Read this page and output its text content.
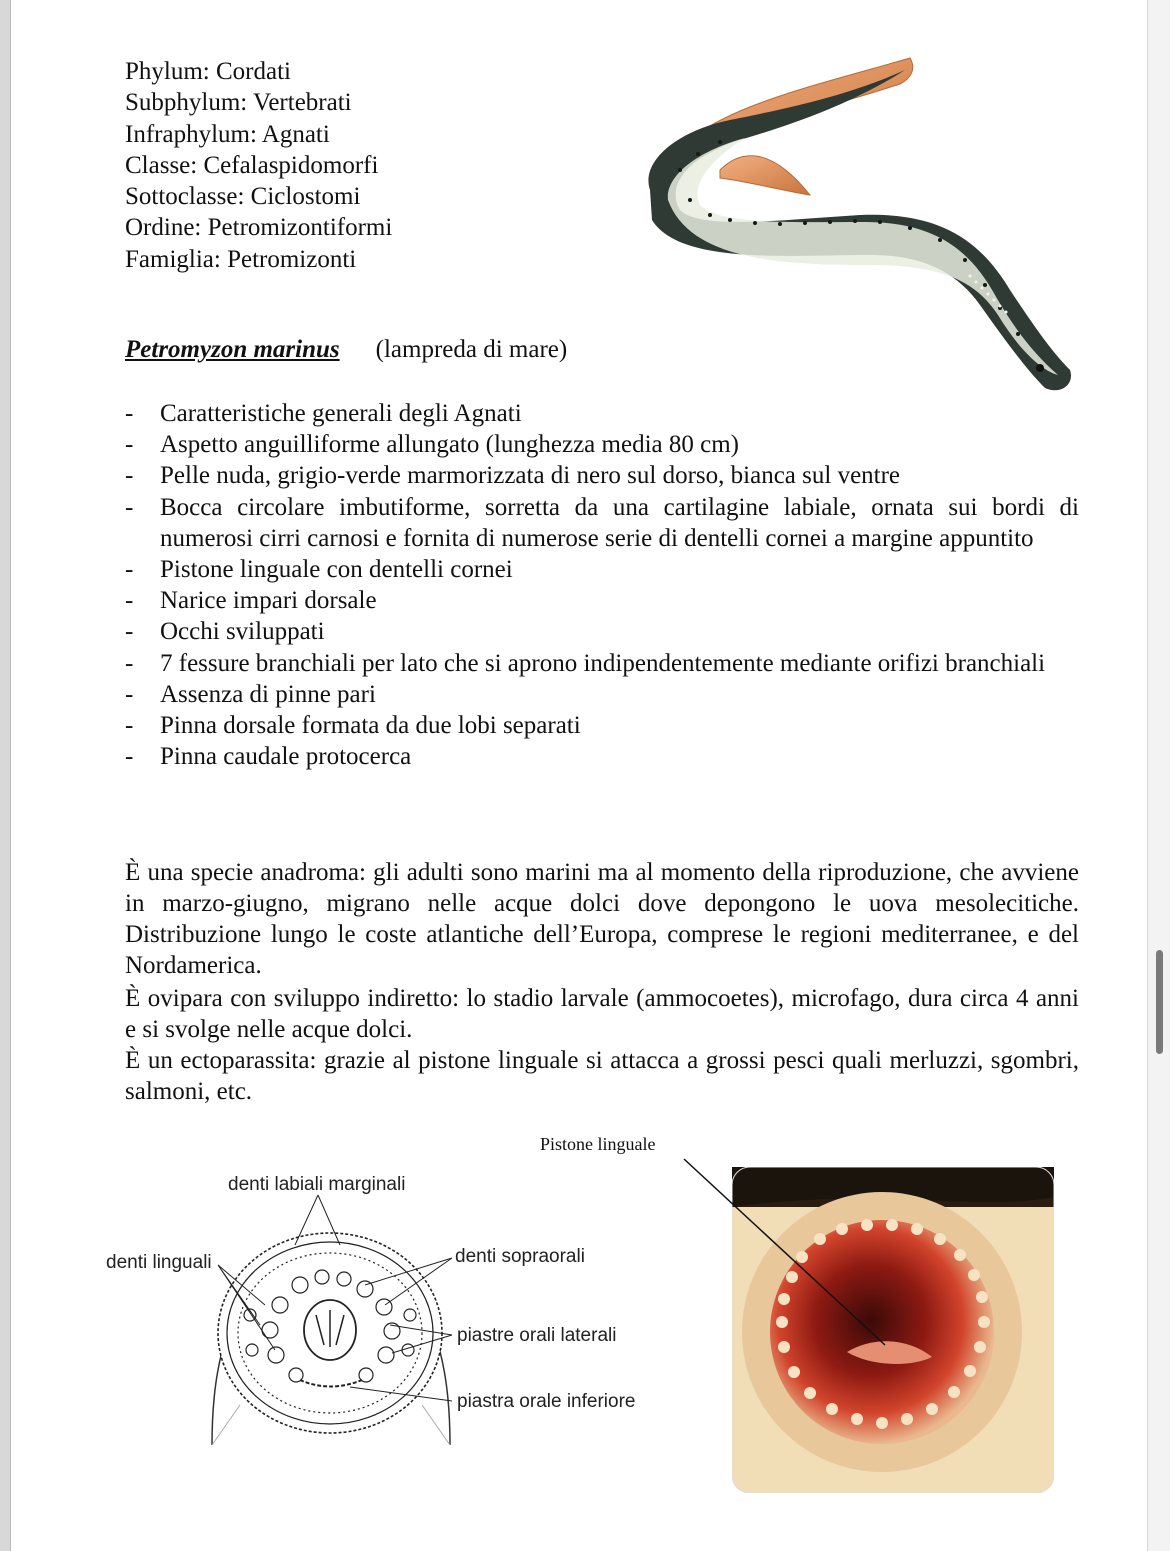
Phylum: Cordati
Subphylum: Vertebrati
Infraphylum: Agnati
Classe: Cefalaspidomorfi
Sottoclasse: Ciclostomi
Ordine: Petromizontiformi
Famiglia: Petromizonti
Petromyzon marinus (lampreda di mare)
- Caratteristiche generali degli Agnati
- Aspetto anguilliforme allungato (lunghezza media 80 cm)
- Pelle nuda, grigio-verde marmorizzata di nero sul dorso, bianca sul ventre
- Bocca circolare imbutiforme, sorretta da una cartilagine labiale, ornata sui bordi di numerosi cirri carnosi e fornita di numerose serie di dentelli cornei a margine appuntito
- Pistone linguale con dentelli cornei
- Narice impari dorsale
- Occhi sviluppati
- 7 fessure branchiali per lato che si aprono indipendentemente mediante orifizi branchiali
- Assenza di pinne pari
- Pinna dorsale formata da due lobi separati
- Pinna caudale protocerca
È una specie anadroma: gli adulti sono marini ma al momento della riproduzione, che avviene in marzo-giugno, migrano nelle acque dolci dove depongono le uova mesolecitiche. Distribuzione lungo le coste atlantiche dell’Europa, comprese le regioni mediterranee, e del Nordamerica.
È ovipara con sviluppo indiretto: lo stadio larvale (ammocoetes), microfago, dura circa 4 anni e si svolge nelle acque dolci.
È un ectoparassita: grazie al pistone linguale si attacca a grossi pesci quali merluzzi, sgombri, salmoni, etc.
denti labiali marginali
denti linguali	denti sopraorali
piastre orali laterali
piastra orale inferiore
Pistone linguale
